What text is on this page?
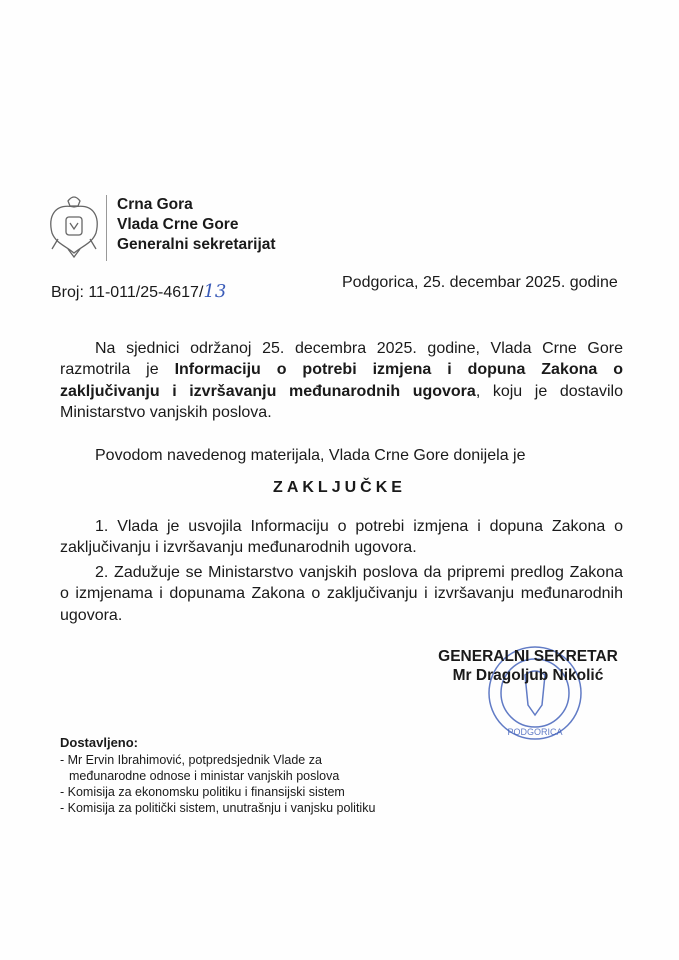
Crna Gora
Vlada Crne Gore
Generalni sekretarijat
Broj: 11-011/25-4617/13	Podgorica, 25. decembar 2025. godine
Na sjednici održanoj 25. decembra 2025. godine, Vlada Crne Gore razmotrila je Informaciju o potrebi izmjena i dopuna Zakona o zaključivanju i izvršavanju međunarodnih ugovora, koju je dostavilo Ministarstvo vanjskih poslova.
Povodom navedenog materijala, Vlada Crne Gore donijela je
ZAKLJUČKE
1. Vlada je usvojila Informaciju o potrebi izmjena i dopuna Zakona o zaključivanju i izvršavanju međunarodnih ugovora.
2. Zadužuje se Ministarstvo vanjskih poslova da pripremi predlog Zakona o izmjenama i dopunama Zakona o zaključivanju i izvršavanju međunarodnih ugovora.
PODGORICA
GENERALNI SEKRETAR
Mr Dragoljub Nikolić
Dostavljeno:
- Mr Ervin Ibrahimović, potpredsjednik Vlade za
međunarodne odnose i ministar vanjskih poslova
- Komisija za ekonomsku politiku i finansijski sistem
- Komisija za politički sistem, unutrašnju i vanjsku politiku
